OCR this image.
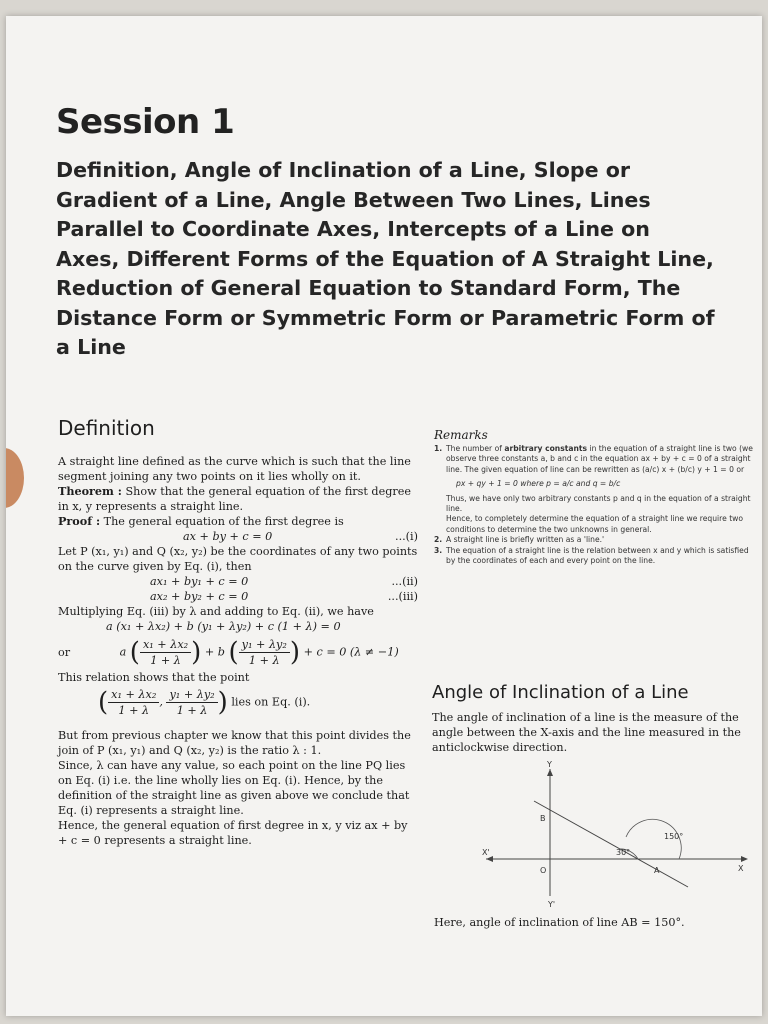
Session 1
Definition, Angle of Inclination of a Line, Slope or Gradient of a Line, Angle Between Two Lines, Lines Parallel to Coordinate Axes, Intercepts of a Line on Axes, Different Forms of the Equation of A Straight Line, Reduction of General Equation to Standard Form, The Distance Form or Symmetric Form or Parametric Form of a Line
Definition

A straight line defined as the curve which is such that the line segment joining any two points on it lies wholly on it.

Theorem : Show that the general equation of the first degree in x, y represents a straight line.

Proof : The general equation of the first degree is

ax + by + c = 0	...(i)

Let P (x₁, y₁) and Q (x₂, y₂) be the coordinates of any two points on the curve given by Eq. (i), then

ax₁ + by₁ + c = 0	...(ii)
ax₂ + by₂ + c = 0	...(iii)

Multiplying Eq. (iii) by λ and adding to Eq. (ii), we have

a (x₁ + λx₂) + b (y₁ + λy₂) + c (1 + λ) = 0
or	a ( $\frac{\text{x₁ + λx₂}}{1 + \lambda}$ ) + b ( $\frac{\text{y₁ + λy₂}}{1 + \lambda}$ ) + c = 0 (λ ≠ −1)

This relation shows that the point

( $\frac{\text{x₁ + λx₂}}{1 + \lambda}$ , $\frac{\text{y₁ + λy₂}}{1 + \lambda}$ ) lies on Eq. (i).

But from previous chapter we know that this point divides the join of P (x₁, y₁) and Q (x₂, y₂) is the ratio λ : 1.

Since, λ can have any value, so each point on the line PQ lies on Eq. (i) i.e. the line wholly lies on Eq. (i). Hence, by the definition of the straight line as given above we conclude that Eq. (i) represents a straight line.

Hence, the general equation of first degree in x, y viz ax + by + c = 0 represents a straight line.

Remarks

1. The number of arbitrary constants in the equation of a straight line is two (we observe three constants a, b and c in the equation ax + by + c = 0 of a straight line. The given equation of line can be rewritten as (a/c) x + (b/c) y + 1 = 0 or
px + qy + 1 = 0 where p = a/c and q = b/c
Thus, we have only two arbitrary constants p and q in the equation of a straight line.
Hence, to completely determine the equation of a straight line we require two conditions to determine the two unknowns in general.
2. A straight line is briefly written as a 'line.'
3. The equation of a straight line is the relation between x and y which is satisfied by the coordinates of each and every point on the line.
Angle of Inclination of a Line

The angle of inclination of a line is the measure of the angle between the X-axis and the line measured in the anticlockwise direction.

Y
Y'
X
X'
O
B
A
150°
30°

Here, angle of inclination of line AB = 150°.
